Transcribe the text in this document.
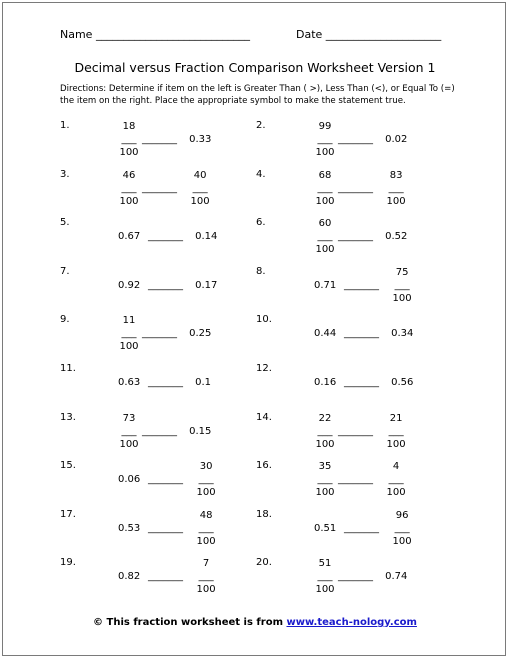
Name ____________________________	Date _____________________
Decimal versus Fraction Comparison Worksheet Version 1
Directions: Determine if item on the left is Greater Than ( >), Less Than (<), or Equal To (=) the item on the right. Place the appropriate symbol to make the statement true.
1.	18
___
100
_______ 0.33
2.	99
___
100
_______ 0.02
3.	46
___
100
_______
40
___
100
4.	68
___
100
_______
83
___
100
5.
0.67 _______ 0.14
6.	60
___
100
_______ 0.52
7.
0.92 _______ 0.17
8.
0.71 _______
75
___
100
9.	11
___
100
_______ 0.25
10.
0.44 _______ 0.34
11.
0.63 _______ 0.1
12.
0.16 _______ 0.56
13.	73
___
100
_______ 0.15
14.	22
___
100
_______
21
___
100
15.
0.06 _______
30
___
100
16.	35
___
100
_______
4
___
100
17.
0.53 _______
48
___
100
18.
0.51 _______
96
___
100
19.
0.82 _______
7
___
100
20.	51
___
100
_______ 0.74
© This fraction worksheet is from www.teach-nology.com
